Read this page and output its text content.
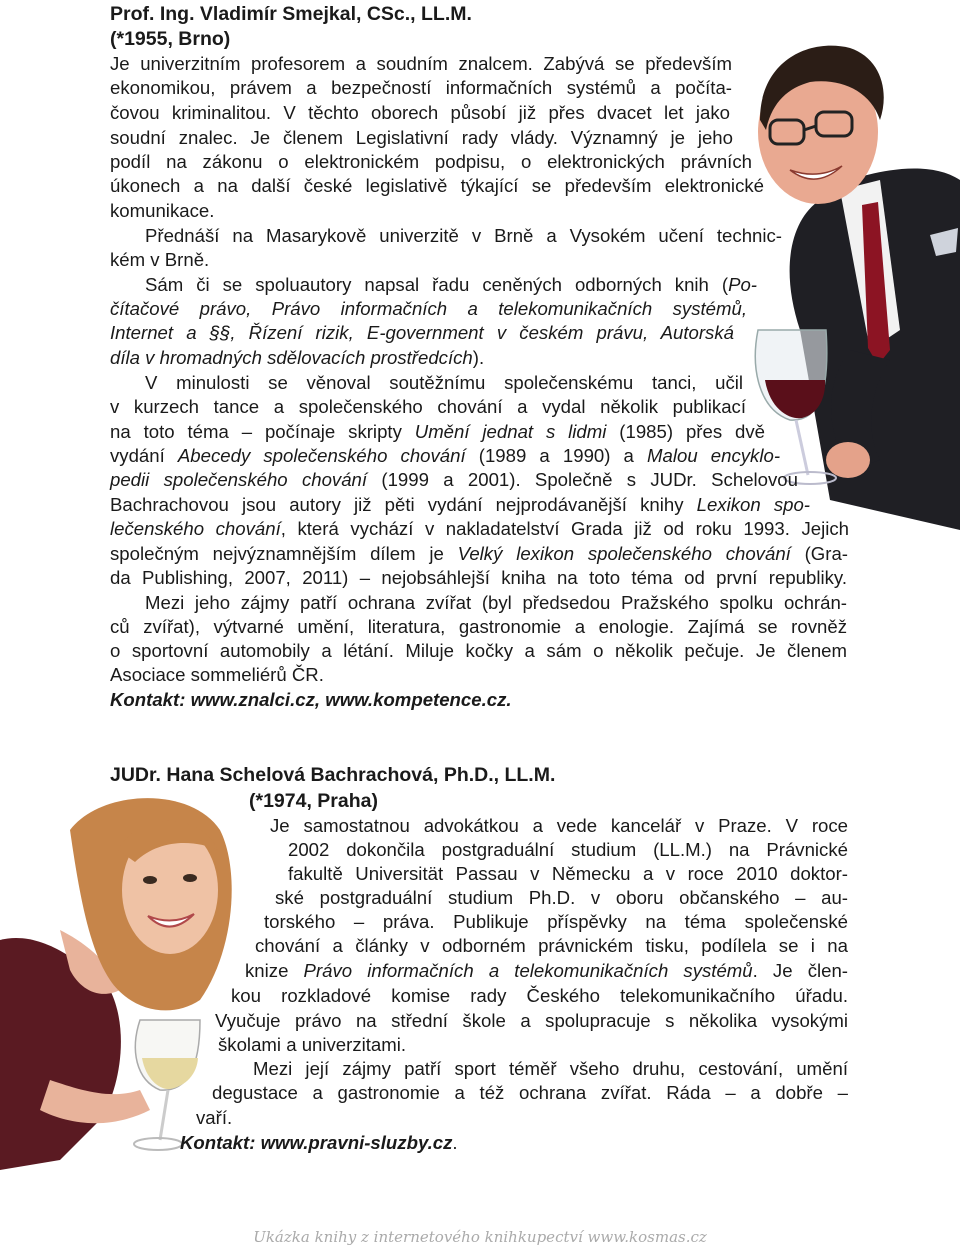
Prof. Ing. Vladimír Smejkal, CSc., LL.M.
(*1955, Brno)
Je univerzitním profesorem a soudním znalcem. Zabývá se především
ekonomikou, právem a bezpečností informačních systémů a počíta-
čovou kriminalitou. V těchto oborech působí již přes dvacet let jako
soudní znalec. Je členem Legislativní rady vlády. Významný je jeho
podíl na zákonu o elektronickém podpisu, o elektronických právních
úkonech a na další české legislativě týkající se především elektronické
komunikace.
Přednáší na Masarykově univerzitě v Brně a Vysokém učení technic-
kém v Brně.
Sám či se spoluautory napsal řadu ceněných odborných knih (Po-
čítačové právo, Právo informačních a telekomunikačních systémů,
Internet a §§, Řízení rizik, E-government v českém právu, Autorská
díla v hromadných sdělovacích prostředcích).
V minulosti se věnoval soutěžnímu společenskému tanci, učil
v kurzech tance a společenského chování a vydal několik publikací
na toto téma – počínaje skripty Umění jednat s lidmi (1985) přes dvě
vydání Abecedy společenského chování (1989 a 1990) a Malou encyklo-
pedii společenského chování (1999 a 2001). Společně s JUDr. Schelovou
Bachrachovou jsou autory již pěti vydání nejprodávanější knihy Lexikon spo-
lečenského chování, která vychází v nakladatelství Grada již od roku 1993. Jejich
společným nejvýznamnějším dílem je Velký lexikon společenského chování (Gra-
da Publishing, 2007, 2011) – nejobsáhlejší kniha na toto téma od první republiky.
Mezi jeho zájmy patří ochrana zvířat (byl předsedou Pražského spolku ochrán-
ců zvířat), výtvarné umění, literatura, gastronomie a enologie. Zajímá se rovněž
o sportovní automobily a létání. Miluje kočky a sám o několik pečuje. Je členem
Asociace sommeliérů ČR.
Kontakt: www.znalci.cz, www.kompetence.cz.
JUDr. Hana Schelová Bachrachová, Ph.D., LL.M.
(*1974, Praha)
Je samostatnou advokátkou a vede kancelář v Praze. V roce
2002 dokončila postgraduální studium (LL.M.) na Právnické
fakultě Universität Passau v Německu a v roce 2010 doktor-
ské postgraduální studium Ph.D. v oboru občanského – au-
torského – práva. Publikuje příspěvky na téma společenské
chování a články v odborném právnickém tisku, podílela se i na
knize Právo informačních a telekomunikačních systémů. Je člen-
kou rozkladové komise rady Českého telekomunikačního úřadu.
Vyučuje právo na střední škole a spolupracuje s několika vysokými
školami a univerzitami.
Mezi její zájmy patří sport téměř všeho druhu, cestování, umění
degustace a gastronomie a též ochrana zvířat. Ráda – a dobře –
vaří.
Kontakt: www.pravni-sluzby.cz.
Ukázka knihy z internetového knihkupectví www.kosmas.cz
